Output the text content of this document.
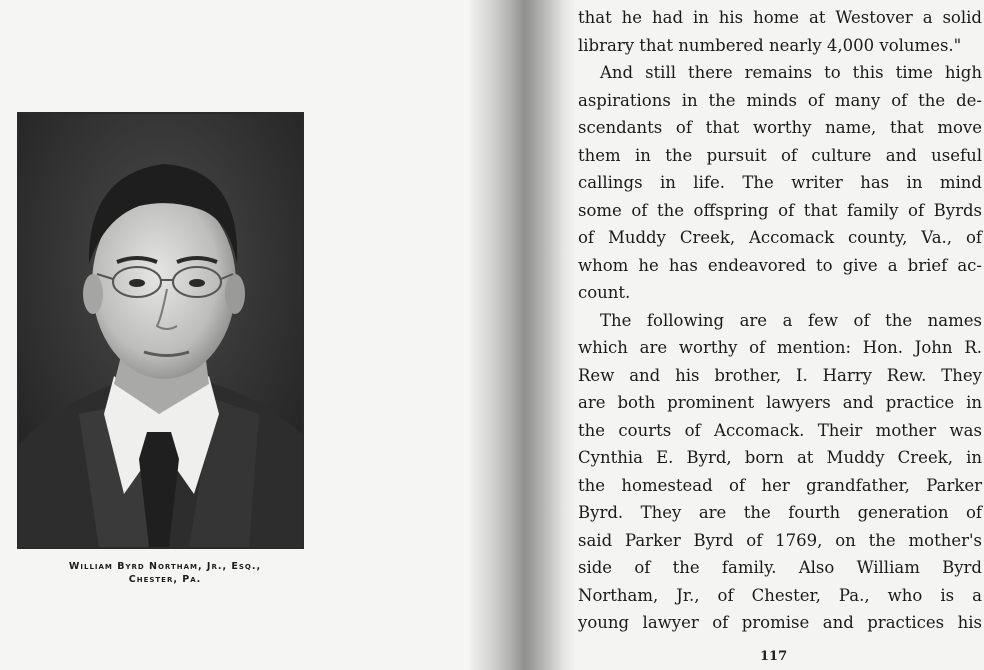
William Byrd Northam, Jr., Esq.,
Chester, Pa.
that he had in his home at Westover a solid
library that numbered nearly 4,000 volumes."
And still there remains to this time high
aspirations in the minds of many of the de-
scendants of that worthy name, that move
them in the pursuit of culture and useful
callings in life. The writer has in mind
some of the offspring of that family of Byrds
of Muddy Creek, Accomack county, Va., of
whom he has endeavored to give a brief ac-
count.
The following are a few of the names
which are worthy of mention: Hon. John R.
Rew and his brother, I. Harry Rew. They
are both prominent lawyers and practice in
the courts of Accomack. Their mother was
Cynthia E. Byrd, born at Muddy Creek, in
the homestead of her grandfather, Parker
Byrd. They are the fourth generation of
said Parker Byrd of 1769, on the mother's
side of the family. Also William Byrd
Northam, Jr., of Chester, Pa., who is a
young lawyer of promise and practices his
117
